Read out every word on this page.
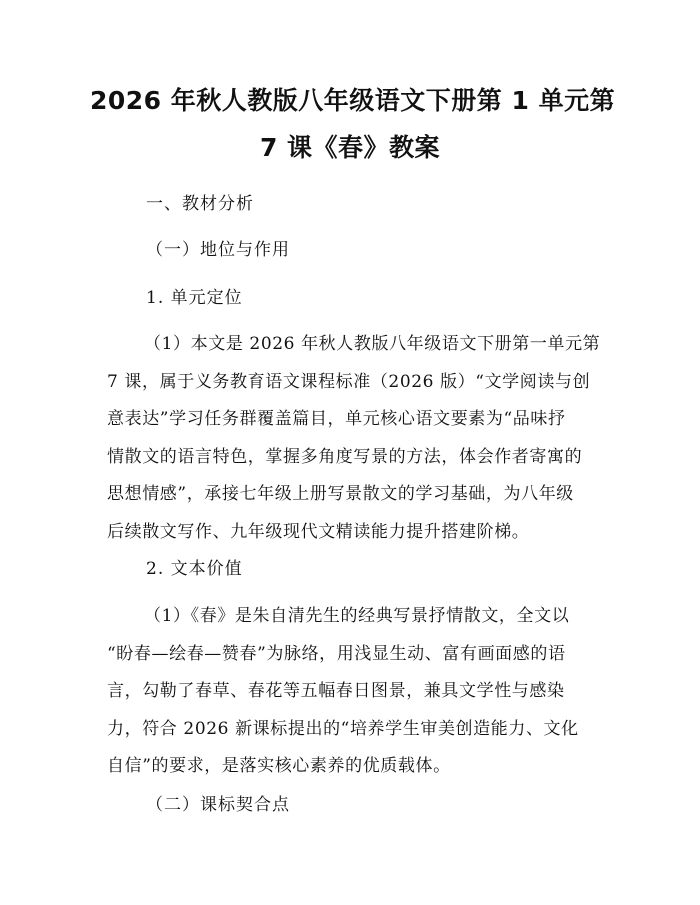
2026 年秋人教版八年级语文下册第 1 单元第
7 课《春》教案
一、教材分析
（一）地位与作用
1. 单元定位
（1）本文是 2026 年秋人教版八年级语文下册第一单元第
7 课，属于义务教育语文课程标准（2026 版）“文学阅读与创
意表达”学习任务群覆盖篇目，单元核心语文要素为“品味抒
情散文的语言特色，掌握多角度写景的方法，体会作者寄寓的
思想情感”，承接七年级上册写景散文的学习基础，为八年级
后续散文写作、九年级现代文精读能力提升搭建阶梯。
2. 文本价值
（1）《春》是朱自清先生的经典写景抒情散文，全文以
“盼春—绘春—赞春”为脉络，用浅显生动、富有画面感的语
言，勾勒了春草、春花等五幅春日图景，兼具文学性与感染
力，符合 2026 新课标提出的“培养学生审美创造能力、文化
自信”的要求，是落实核心素养的优质载体。
（二）课标契合点
